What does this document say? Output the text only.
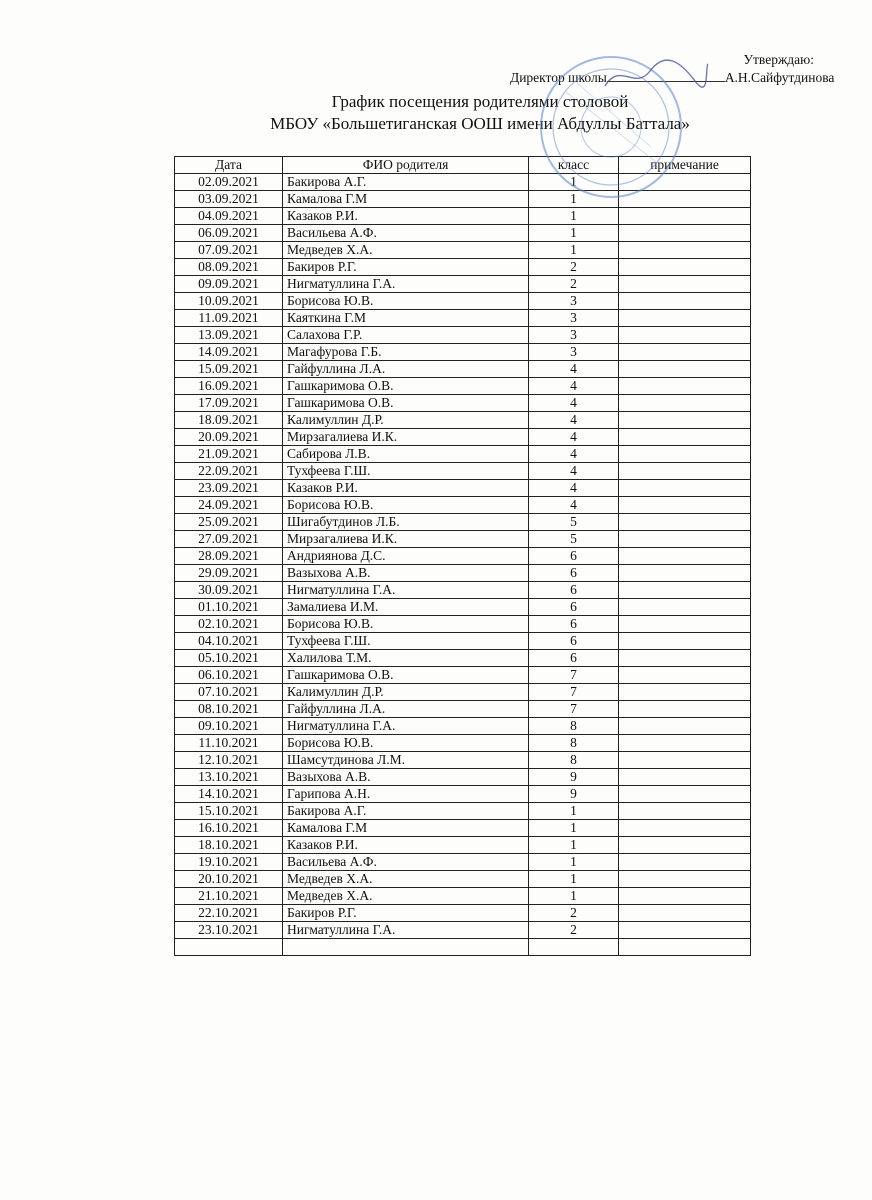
Утверждаю:
Директор школы	А.Н.Сайфутдинова
График посещения родителями столовой
МБОУ «Большетиганская ООШ имени Абдуллы Баттала»
Дата	ФИО родителя	класс	примечание
02.09.2021	Бакирова А.Г.	1	
03.09.2021	Камалова Г.М	1	
04.09.2021	Казаков Р.И.	1	
06.09.2021	Васильева А.Ф.	1	
07.09.2021	Медведев Х.А.	1	
08.09.2021	Бакиров Р.Г.	2	
09.09.2021	Нигматуллина Г.А.	2	
10.09.2021	Борисова Ю.В.	3	
11.09.2021	Каяткина Г.М	3	
13.09.2021	Салахова Г.Р.	3	
14.09.2021	Магафурова Г.Б.	3	
15.09.2021	Гайфуллина Л.А.	4	
16.09.2021	Гашкаримова О.В.	4	
17.09.2021	Гашкаримова О.В.	4	
18.09.2021	Калимуллин Д.Р.	4	
20.09.2021	Мирзагалиева И.К.	4	
21.09.2021	Сабирова Л.В.	4	
22.09.2021	Тухфеева Г.Ш.	4	
23.09.2021	Казаков Р.И.	4	
24.09.2021	Борисова Ю.В.	4	
25.09.2021	Шигабутдинов Л.Б.	5	
27.09.2021	Мирзагалиева И.К.	5	
28.09.2021	Андриянова Д.С.	6	
29.09.2021	Вазыхова А.В.	6	
30.09.2021	Нигматуллина Г.А.	6	
01.10.2021	Замалиева И.М.	6	
02.10.2021	Борисова Ю.В.	6	
04.10.2021	Тухфеева Г.Ш.	6	
05.10.2021	Халилова Т.М.	6	
06.10.2021	Гашкаримова О.В.	7	
07.10.2021	Калимуллин Д.Р.	7	
08.10.2021	Гайфуллина Л.А.	7	
09.10.2021	Нигматуллина Г.А.	8	
11.10.2021	Борисова Ю.В.	8	
12.10.2021	Шамсутдинова Л.М.	8	
13.10.2021	Вазыхова А.В.	9	
14.10.2021	Гарипова А.Н.	9	
15.10.2021	Бакирова А.Г.	1	
16.10.2021	Камалова Г.М	1	
18.10.2021	Казаков Р.И.	1	
19.10.2021	Васильева А.Ф.	1	
20.10.2021	Медведев Х.А.	1	
21.10.2021	Медведев Х.А.	1	
22.10.2021	Бакиров Р.Г.	2	
23.10.2021	Нигматуллина Г.А.	2	
